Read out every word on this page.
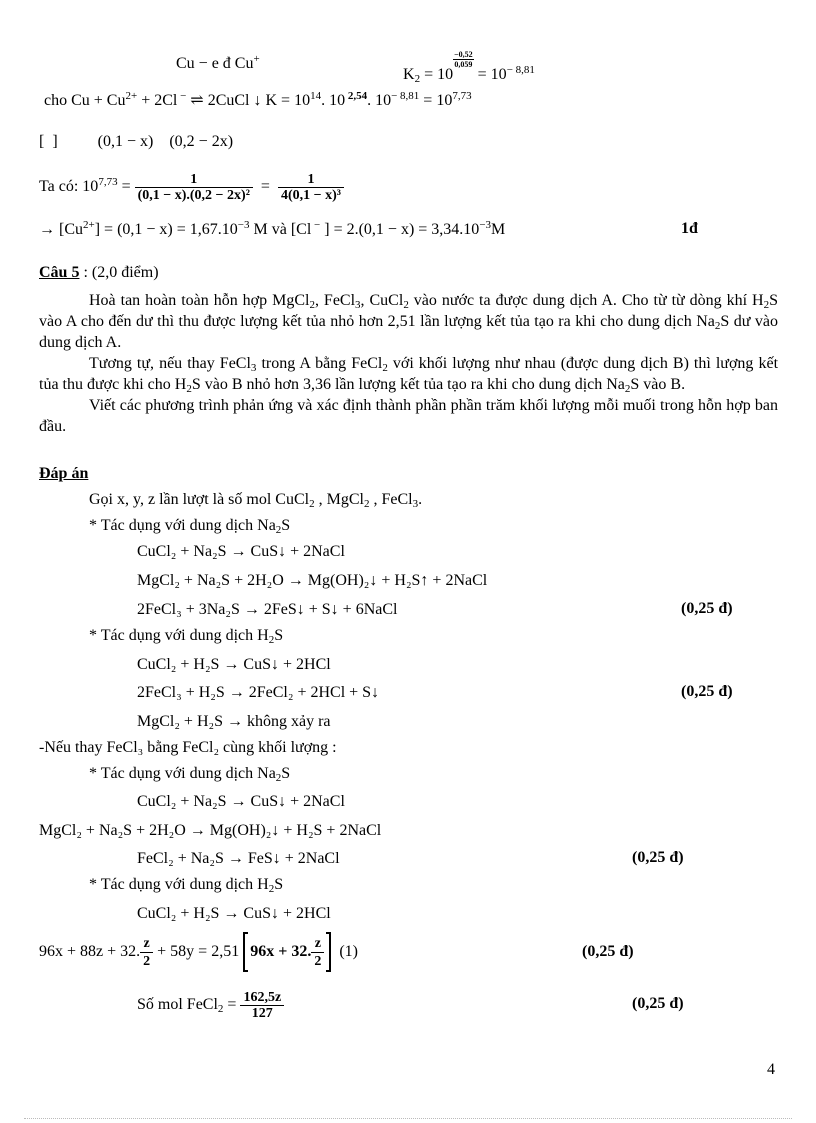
Cu − e đ Cu+
$K_2 = 10$
$\frac{-0,52}{0,059}$
= $10^{- 8,81}$
cho $Cu + Cu^{2+} + 2Cl$ − ⇌ 2CuCl ↓ $K = 10^{14}$. 10 $^{2,54}$. $10^{- 8,81} = 10^{7,73}$
[  ]          (0,1 − x)    (0,2 − 2x)
Ta có: $10^{7,73} = \frac{1}{\text{(0,1 − x).(0,2 − 2x)²}} = \frac{1}{\text{4(0,1 − x)³}}$
→ $[Cu^{2+}] = (0,1 - x) = 1,67.10^{-3}$ M và [Cl − ] = $2.(0,1 - x) = 3,34.10^{-3}M$	1đ
Câu 5 : (2,0 điểm)

Hoà tan hoàn toàn hỗn hợp MgCl$_2$, FeCl$_3$, CuCl$_2$ vào nước ta được dung dịch A. Cho từ từ dòng khí $H_2S$ vào A cho đến dư thì thu được lượng kết tủa nhỏ hơn 2,51 lần lượng kết tủa tạo ra khi cho dung dịch $Na_2S$ dư vào dung dịch A.

Tương tự, nếu thay FeCl$_3$ trong A bằng FeCl$_2$ với khối lượng như nhau (được dung dịch B) thì lượng kết tủa thu được khi cho $H_2S$ vào B nhỏ hơn 3,36 lần lượng kết tủa tạo ra khi cho dung dịch $Na_2S$ vào B.

Viết các phương trình phản ứng và xác định thành phần phần trăm khối lượng mỗi muối trong hỗn hợp ban đầu.

Đáp án
Gọi x, y, z lần lượt là số mol CuCl$_2$ , MgCl$_2$ , FeCl$_3$.
* Tác dụng với dung dịch $Na_2S$
CuCl₂ + Na₂S → CuS↓ + 2NaCl
MgCl₂ + Na₂S + 2H₂O → Mg(OH)₂↓ + H₂S↑ + 2NaCl
2FeCl₃ + 3Na₂S → 2FeS↓ + S↓ + 6NaCl	(0,25 đ)
* Tác dụng với dung dịch $H_2S$
CuCl₂ + H₂S → CuS↓ + 2HCl
2FeCl₃ + H₂S → 2FeCl₂ + 2HCl + S↓	(0,25 đ)
MgCl₂ + H₂S → không xảy ra
-Nếu thay FeCl₃ bằng FeCl₂ cùng khối lượng :
* Tác dụng với dung dịch $Na_2S$
CuCl₂ + Na₂S → CuS↓ + 2NaCl
MgCl₂ + Na₂S + 2H₂O → Mg(OH)₂↓ + H₂S + 2NaCl
FeCl₂ + Na₂S → FeS↓ + 2NaCl	(0,25 đ)
* Tác dụng với dung dịch $H_2S$
CuCl₂ + H₂S → CuS↓ + 2HCl
96x + 88z + 32. $\frac{z}{2} + 58y = 2,51$ 96x + 32. $\frac{z}{2} (1)$	(0,25 đ)
Số mol FeCl$_2$ = $\frac{162,5z}{127}$	(0,25 đ)
4
